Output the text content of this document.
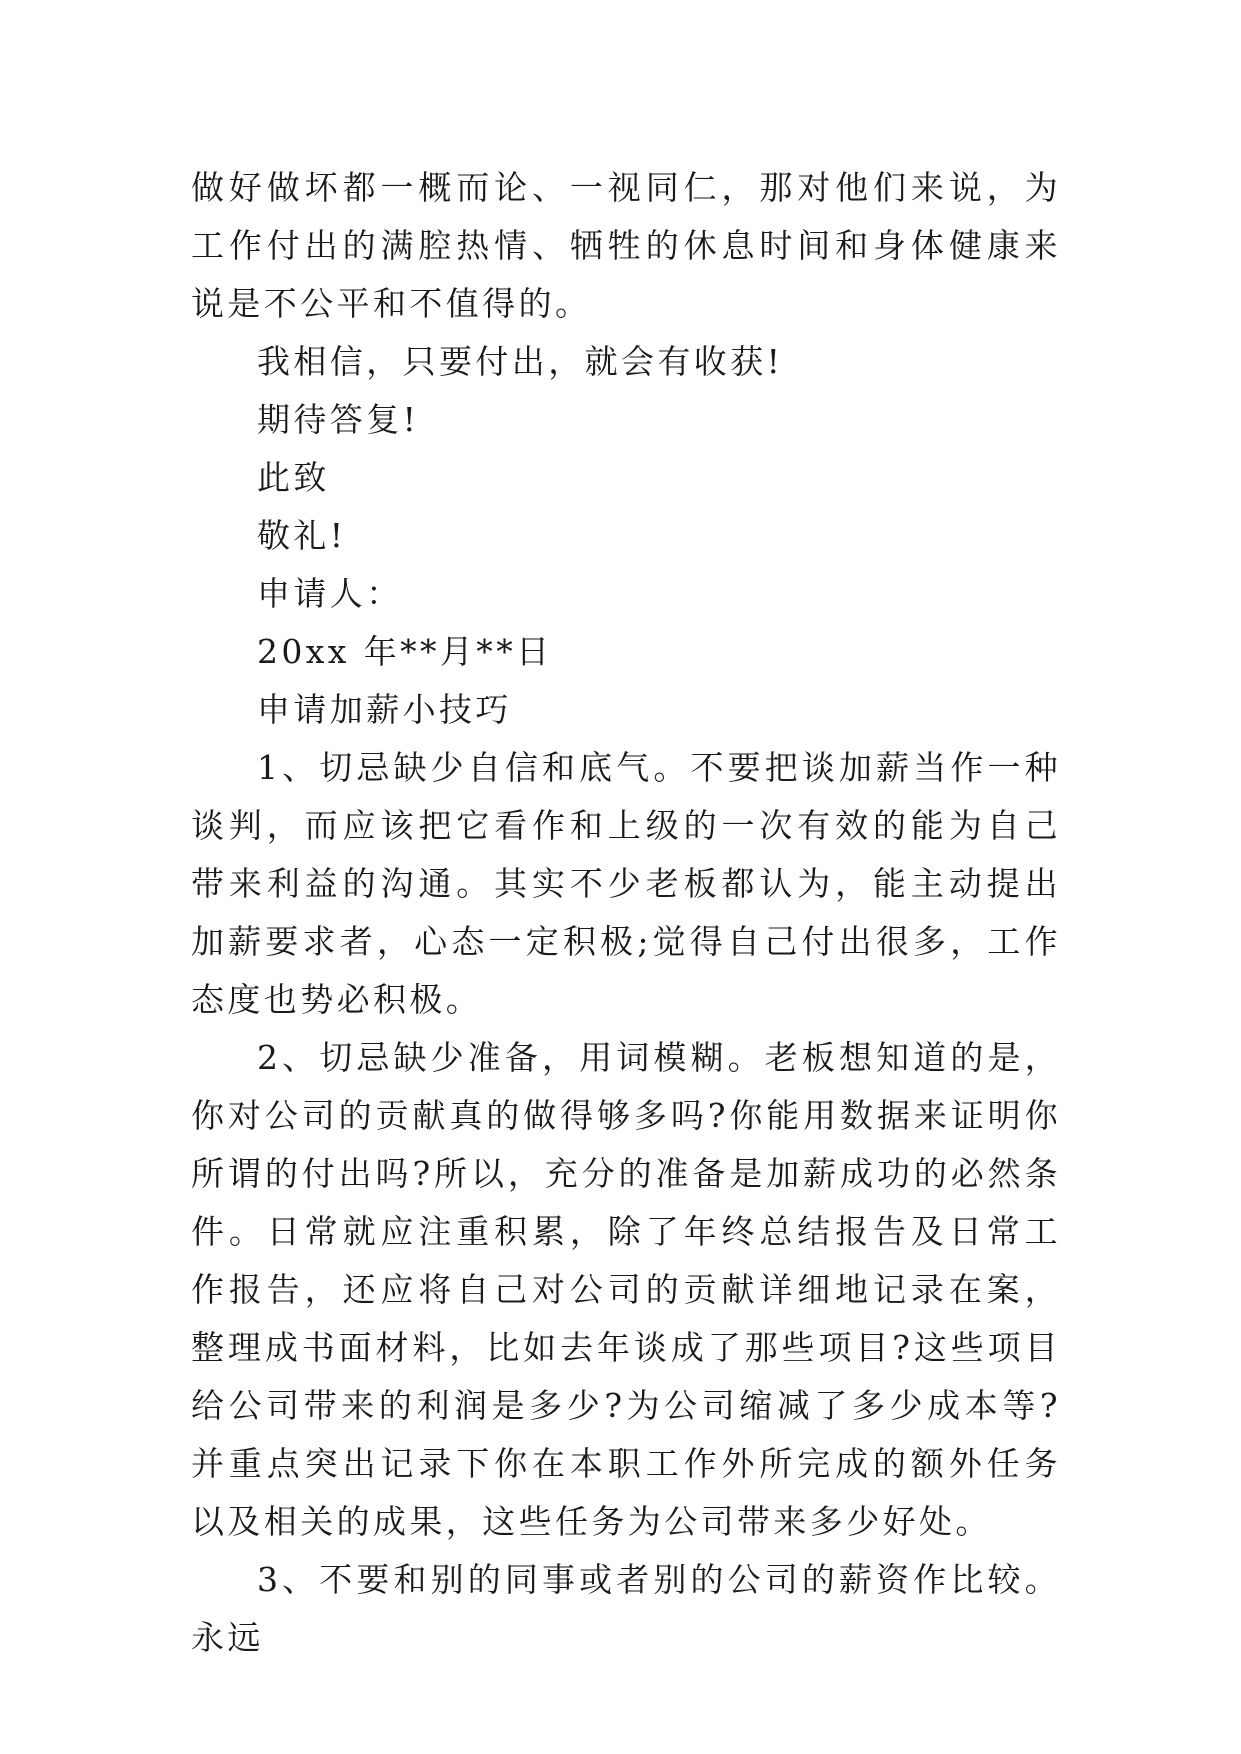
做好做坏都一概而论、一视同仁，那对他们来说，为工作付出的满腔热情、牺牲的休息时间和身体健康来说是不公平和不值得的。

我相信，只要付出，就会有收获!

期待答复!

此致

敬礼!

申请人：

20xx 年**月**日

申请加薪小技巧

1、切忌缺少自信和底气。不要把谈加薪当作一种谈判，而应该把它看作和上级的一次有效的能为自己带来利益的沟通。其实不少老板都认为，能主动提出加薪要求者，心态一定积极;觉得自己付出很多，工作态度也势必积极。

2、切忌缺少准备，用词模糊。老板想知道的是，你对公司的贡献真的做得够多吗?你能用数据来证明你所谓的付出吗?所以，充分的准备是加薪成功的必然条件。日常就应注重积累，除了年终总结报告及日常工作报告，还应将自己对公司的贡献详细地记录在案，整理成书面材料，比如去年谈成了那些项目?这些项目给公司带来的利润是多少?为公司缩减了多少成本等?并重点突出记录下你在本职工作外所完成的额外任务以及相关的成果，这些任务为公司带来多少好处。

3、不要和别的同事或者别的公司的薪资作比较。永远
